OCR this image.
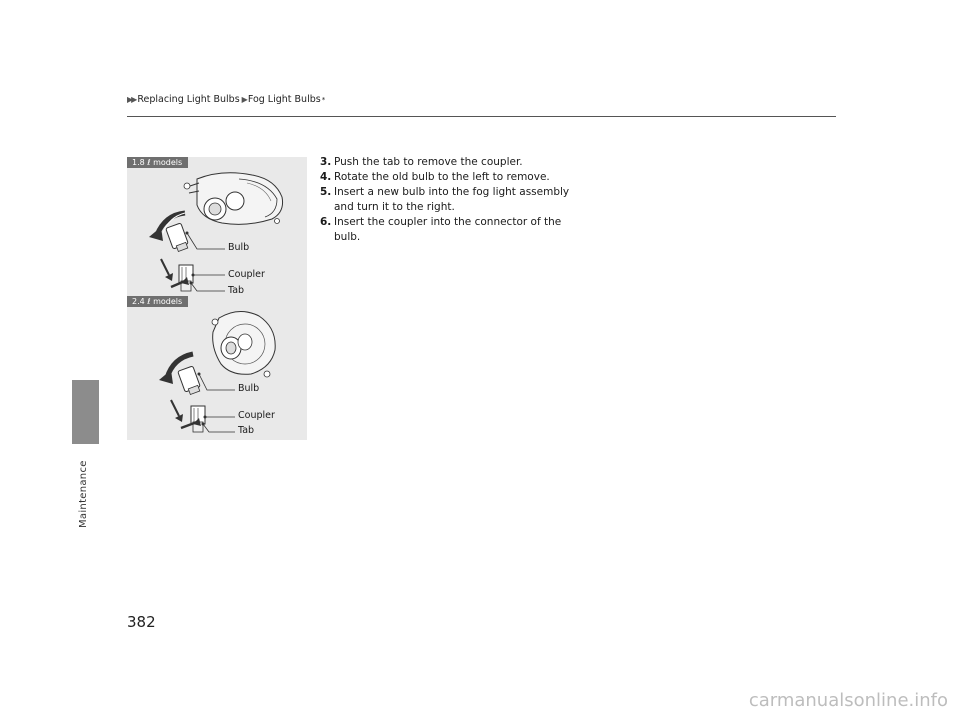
Maintenance
▶▶ Replacing Light Bulbs ▶ Fog Light Bulbs *
1.8 ℓ models
Bulb
Coupler
Tab
2.4 ℓ models
Bulb
Coupler
Tab

3. Push the tab to remove the coupler.

4. Rotate the old bulb to the left to remove.

5. Insert a new bulb into the fog light assembly and turn it to the right.

6. Insert the coupler into the connector of the bulb.

382
carmanualsonline.info
